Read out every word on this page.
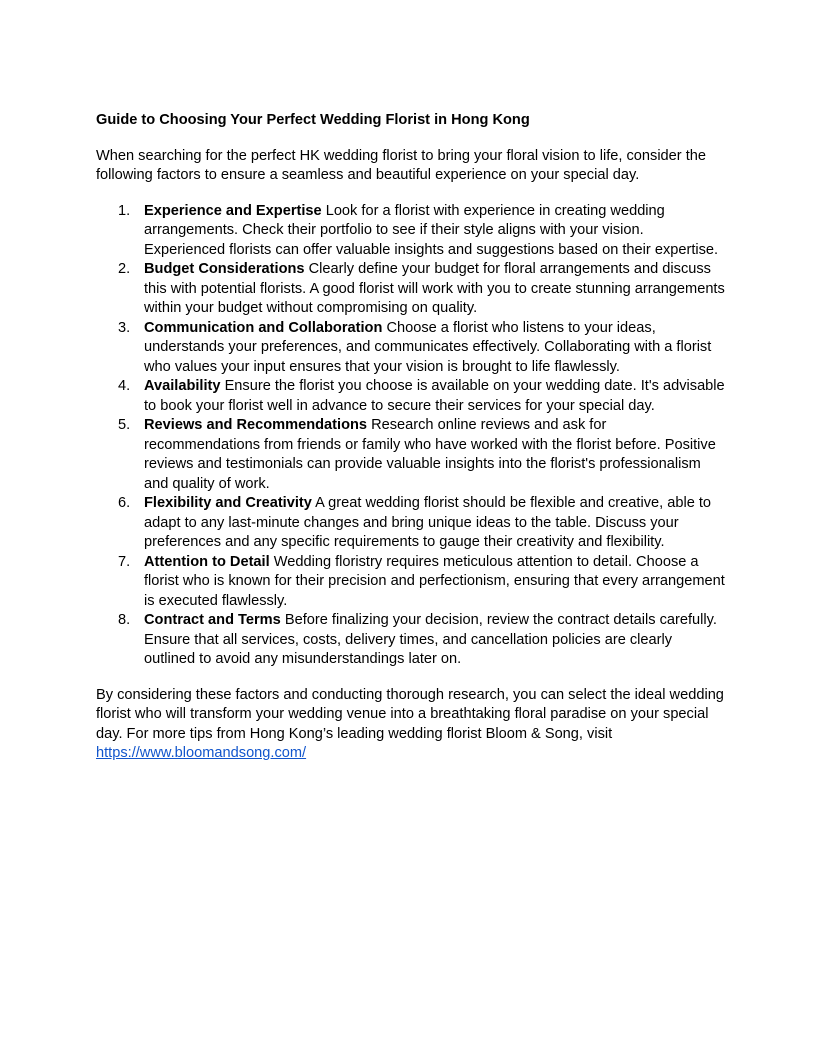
Guide to Choosing Your Perfect Wedding Florist in Hong Kong

When searching for the perfect HK wedding florist to bring your floral vision to life, consider the following factors to ensure a seamless and beautiful experience on your special day.

1. Experience and Expertise Look for a florist with experience in creating wedding arrangements. Check their portfolio to see if their style aligns with your vision. Experienced florists can offer valuable insights and suggestions based on their expertise.
2. Budget Considerations Clearly define your budget for floral arrangements and discuss this with potential florists. A good florist will work with you to create stunning arrangements within your budget without compromising on quality.
3. Communication and Collaboration Choose a florist who listens to your ideas, understands your preferences, and communicates effectively. Collaborating with a florist who values your input ensures that your vision is brought to life flawlessly.
4. Availability Ensure the florist you choose is available on your wedding date. It's advisable to book your florist well in advance to secure their services for your special day.
5. Reviews and Recommendations Research online reviews and ask for recommendations from friends or family who have worked with the florist before. Positive reviews and testimonials can provide valuable insights into the florist's professionalism and quality of work.
6. Flexibility and Creativity A great wedding florist should be flexible and creative, able to adapt to any last-minute changes and bring unique ideas to the table. Discuss your preferences and any specific requirements to gauge their creativity and flexibility.
7. Attention to Detail Wedding floristry requires meticulous attention to detail. Choose a florist who is known for their precision and perfectionism, ensuring that every arrangement is executed flawlessly.
8. Contract and Terms Before finalizing your decision, review the contract details carefully. Ensure that all services, costs, delivery times, and cancellation policies are clearly outlined to avoid any misunderstandings later on.

By considering these factors and conducting thorough research, you can select the ideal wedding florist who will transform your wedding venue into a breathtaking floral paradise on your special day. For more tips from Hong Kong’s leading wedding florist Bloom & Song, visit https://www.bloomandsong.com/
